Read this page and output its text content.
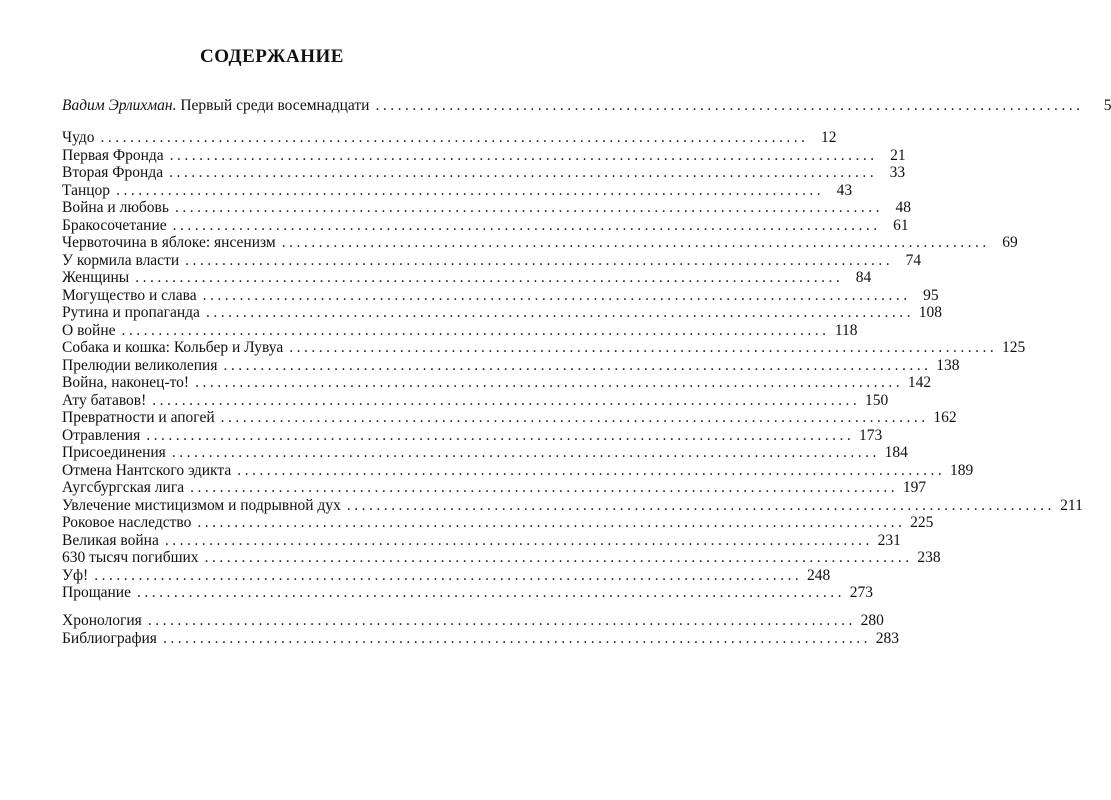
СОДЕРЖАНИЕ
Вадим Эрлихман. Первый среди восемнадцати ................................................................................................	5
Чудо ................................................................................................ 12
Первая Фронда ................................................................................................ 21
Вторая Фронда ................................................................................................ 33
Танцор ................................................................................................ 43
Война и любовь ................................................................................................ 48
Бракосочетание ................................................................................................ 61
Червоточина в яблоке: янсенизм ................................................................................................ 69
У кормила власти ................................................................................................ 74
Женщины ................................................................................................ 84
Могущество и слава ................................................................................................ 95
Рутина и пропаганда ................................................................................................ 108
О войне ................................................................................................ 118
Собака и кошка: Кольбер и Лувуа ................................................................................................ 125
Прелюдии великолепия ................................................................................................ 138
Война, наконец-то! ................................................................................................ 142
Ату батавов! ................................................................................................ 150
Превратности и апогей ................................................................................................ 162
Отравления ................................................................................................ 173
Присоединения ................................................................................................ 184
Отмена Нантского эдикта ................................................................................................ 189
Аугсбургская лига ................................................................................................ 197
Увлечение мистицизмом и подрывной дух ................................................................................................ 211
Роковое наследство ................................................................................................ 225
Великая война ................................................................................................ 231
630 тысяч погибших ................................................................................................ 238
Уф! ................................................................................................ 248
Прощание ................................................................................................ 273
Хронология ................................................................................................ 280
Библиография ................................................................................................ 283
